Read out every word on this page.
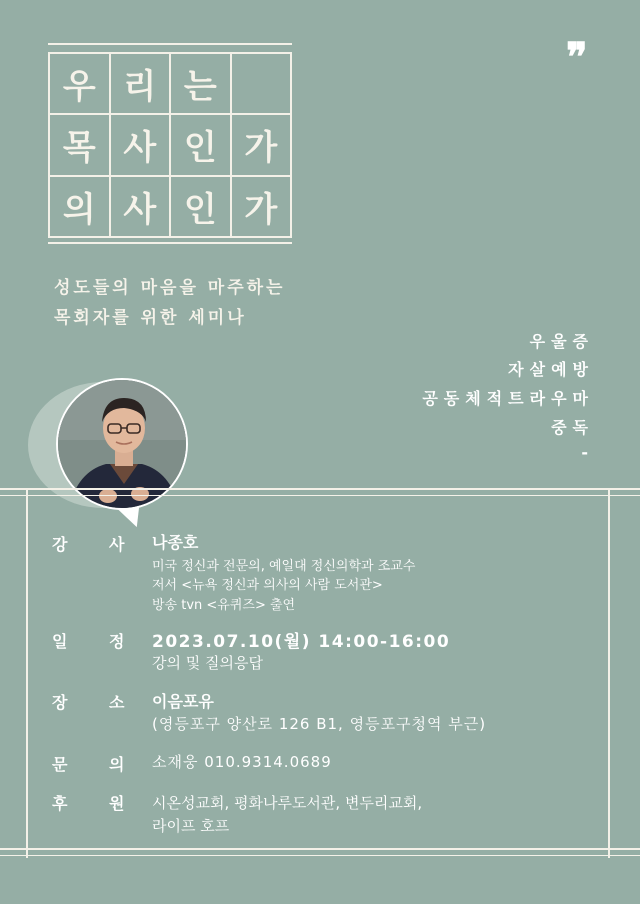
우 리 는
목 사 인 가
의 사 인 가
❞
성도들의 마음을 마주하는
목회자를 위한 세미나
우울증
자살예방
공동체적트라우마
중독
-
강 사 나종호
미국 정신과 전문의, 예일대 정신의학과 조교수
저서 <뉴욕 정신과 의사의 사람 도서관>
방송 tvn <유퀴즈> 출연
일 정 2023.07.10(월) 14:00-16:00
강의 및 질의응답
장 소 이음포유
(영등포구 양산로 126 B1, 영등포구청역 부근)
문 의 소재웅 010.9314.0689
후 원 시온성교회, 평화나루도서관, 변두리교회,
라이프 호프
